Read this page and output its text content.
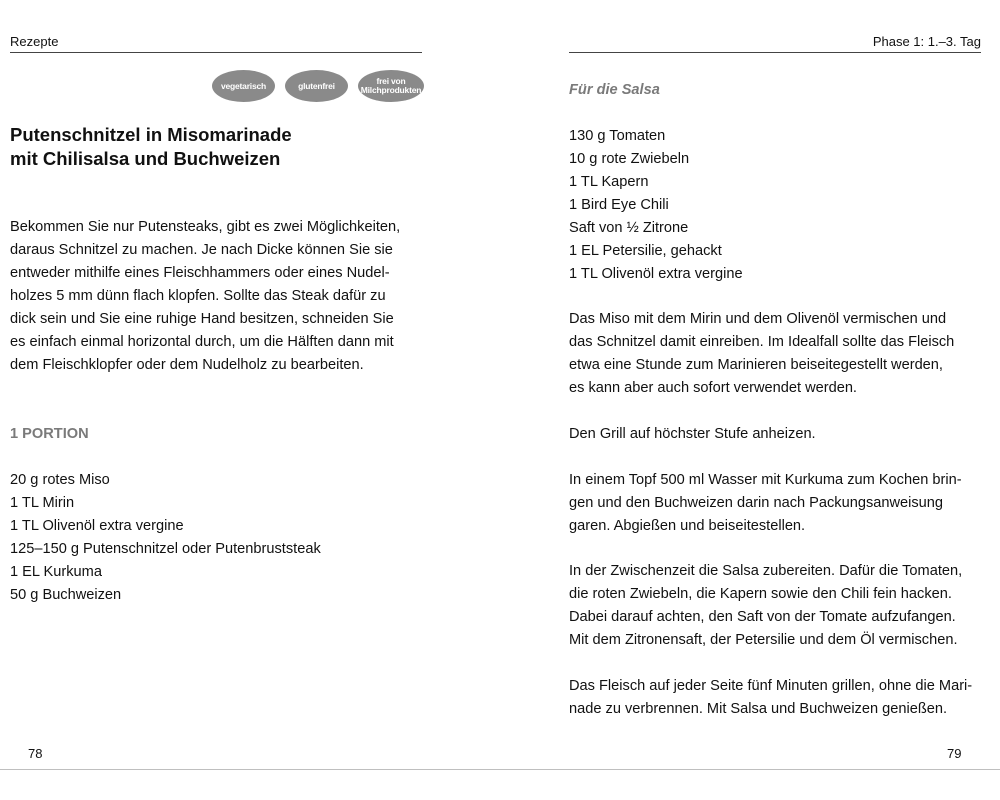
Rezepte
vegetarisch	glutenfrei	frei von
Milchprodukten
Putenschnitzel in Misomarinade
mit Chilisalsa und Buchweizen
Bekommen Sie nur Putensteaks, gibt es zwei Möglichkeiten,
daraus Schnitzel zu machen. Je nach Dicke können Sie sie
entweder mithilfe eines Fleischhammers oder eines Nudel-
holzes 5 mm dünn flach klopfen. Sollte das Steak dafür zu
dick sein und Sie eine ruhige Hand besitzen, schneiden Sie
es einfach einmal horizontal durch, um die Hälften dann mit
dem Fleischklopfer oder dem Nudelholz zu bearbeiten.
1 PORTION
20 g rotes Miso
1 TL Mirin
1 TL Olivenöl extra vergine
125–150 g Putenschnitzel oder Putenbruststeak
1 EL Kurkuma
50 g Buchweizen
78
Phase 1: 1.–3. Tag
Für die Salsa
130 g Tomaten
10 g rote Zwiebeln
1 TL Kapern
1 Bird Eye Chili
Saft von ½ Zitrone
1 EL Petersilie, gehackt
1 TL Olivenöl extra vergine
Das Miso mit dem Mirin und dem Olivenöl vermischen und
das Schnitzel damit einreiben. Im Idealfall sollte das Fleisch
etwa eine Stunde zum Marinieren beiseitegestellt werden,
es kann aber auch sofort verwendet werden.
Den Grill auf höchster Stufe anheizen.
In einem Topf 500 ml Wasser mit Kurkuma zum Kochen brin-
gen und den Buchweizen darin nach Packungsanweisung
garen. Abgießen und beiseitestellen.
In der Zwischenzeit die Salsa zubereiten. Dafür die Tomaten,
die roten Zwiebeln, die Kapern sowie den Chili fein hacken.
Dabei darauf achten, den Saft von der Tomate aufzufangen.
Mit dem Zitronensaft, der Petersilie und dem Öl vermischen.
Das Fleisch auf jeder Seite fünf Minuten grillen, ohne die Mari-
nade zu verbrennen. Mit Salsa und Buchweizen genießen.
79
